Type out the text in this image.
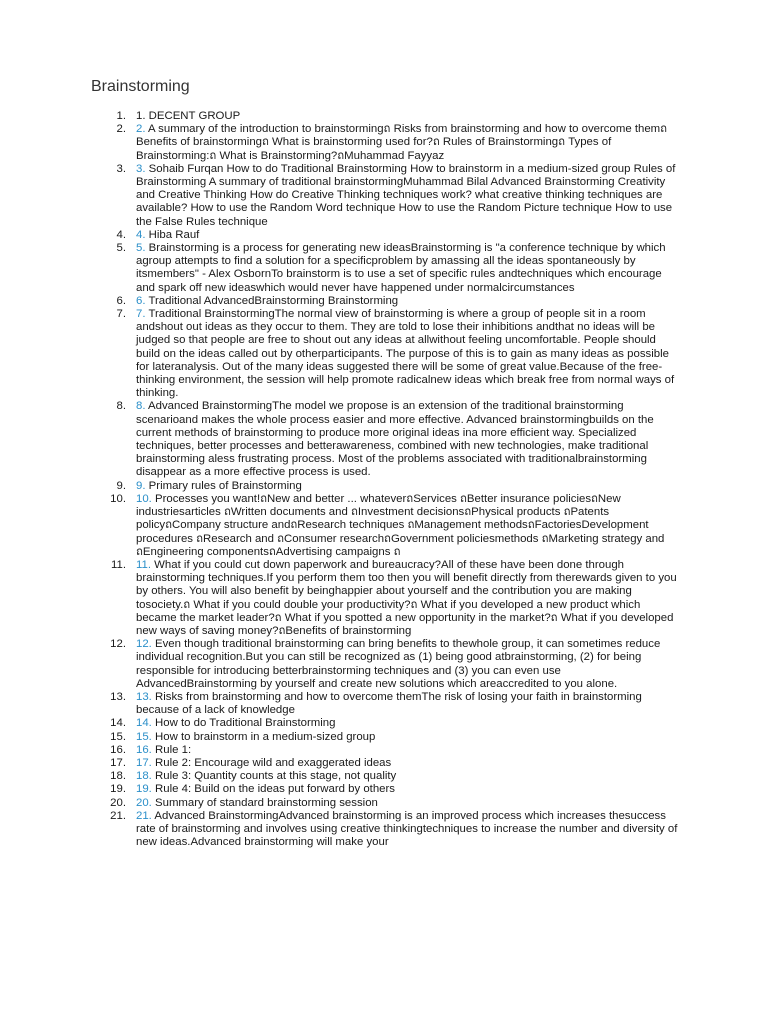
Brainstorming
1. 1. DECENT GROUP
2. 2. A summary of the introduction to brainstormingถ Risks from brainstorming and how to overcome themถ Benefits of brainstormingถ What is brainstorming used for?ถ Rules of Brainstormingถ Types of Brainstorming:ถ What is Brainstorming?ถMuhammad Fayyaz
3. 3. Sohaib Furqan How to do Traditional Brainstorming How to brainstorm in a medium-sized group Rules of Brainstorming A summary of traditional brainstormingMuhammad Bilal Advanced Brainstorming Creativity and Creative Thinking How do Creative Thinking techniques work? what creative thinking techniques are available? How to use the Random Word technique How to use the Random Picture technique How to use the False Rules technique
4. 4. Hiba Rauf
5. 5. Brainstorming is a process for generating new ideasBrainstorming is "a conference technique by which agroup attempts to find a solution for a specificproblem by amassing all the ideas spontaneously by itsmembers" - Alex OsbornTo brainstorm is to use a set of specific rules andtechniques which encourage and spark off new ideaswhich would never have happened under normalcircumstances
6. 6. Traditional AdvancedBrainstorming Brainstorming
7. 7. Traditional BrainstormingThe normal view of brainstorming is where a group of people sit in a room andshout out ideas as they occur to them. They are told to lose their inhibitions andthat no ideas will be judged so that people are free to shout out any ideas at allwithout feeling uncomfortable. People should build on the ideas called out by otherparticipants. The purpose of this is to gain as many ideas as possible for lateranalysis. Out of the many ideas suggested there will be some of great value.Because of the free-thinking environment, the session will help promote radicalnew ideas which break free from normal ways of thinking.
8. 8. Advanced BrainstormingThe model we propose is an extension of the traditional brainstorming scenarioand makes the whole process easier and more effective. Advanced brainstormingbuilds on the current methods of brainstorming to produce more original ideas ina more efficient way. Specialized techniques, better processes and betterawareness, combined with new technologies, make traditional brainstorming aless frustrating process. Most of the problems associated with traditionalbrainstorming disappear as a more effective process is used.
9. 9. Primary rules of Brainstorming
10. 10. Processes you want!ถNew and better ... whateverถServices ถBetter insurance policiesถNew industriesarticles ถWritten documents and ถInvestment decisionsถPhysical products ถPatents policyถCompany structure andถResearch techniques ถManagement methodsถFactoriesDevelopment procedures ถResearch and ถConsumer researchถGovernment policiesmethods ถMarketing strategy and ถEngineering componentsถAdvertising campaigns ถ
11. 11. What if you could cut down paperwork and bureaucracy?All of these have been done through brainstorming techniques.If you perform them too then you will benefit directly from therewards given to you by others. You will also benefit by beinghappier about yourself and the contribution you are making tosociety.ถ What if you could double your productivity?ถ What if you developed a new product which became the market leader?ถ What if you spotted a new opportunity in the market?ถ What if you developed new ways of saving money?ถBenefits of brainstorming
12. 12. Even though traditional brainstorming can bring benefits to thewhole group, it can sometimes reduce individual recognition.But you can still be recognized as (1) being good atbrainstorming, (2) for being responsible for introducing betterbrainstorming techniques and (3) you can even use AdvancedBrainstorming by yourself and create new solutions which areaccredited to you alone.
13. 13. Risks from brainstorming and how to overcome themThe risk of losing your faith in brainstorming because of a lack of knowledge
14. 14. How to do Traditional Brainstorming
15. 15. How to brainstorm in a medium-sized group
16. 16. Rule 1:
17. 17. Rule 2: Encourage wild and exaggerated ideas
18. 18. Rule 3: Quantity counts at this stage, not quality
19. 19. Rule 4: Build on the ideas put forward by others
20. 20. Summary of standard brainstorming session
21. 21. Advanced BrainstormingAdvanced brainstorming is an improved process which increases thesuccess rate of brainstorming and involves using creative thinkingtechniques to increase the number and diversity of new ideas.Advanced brainstorming will make your
